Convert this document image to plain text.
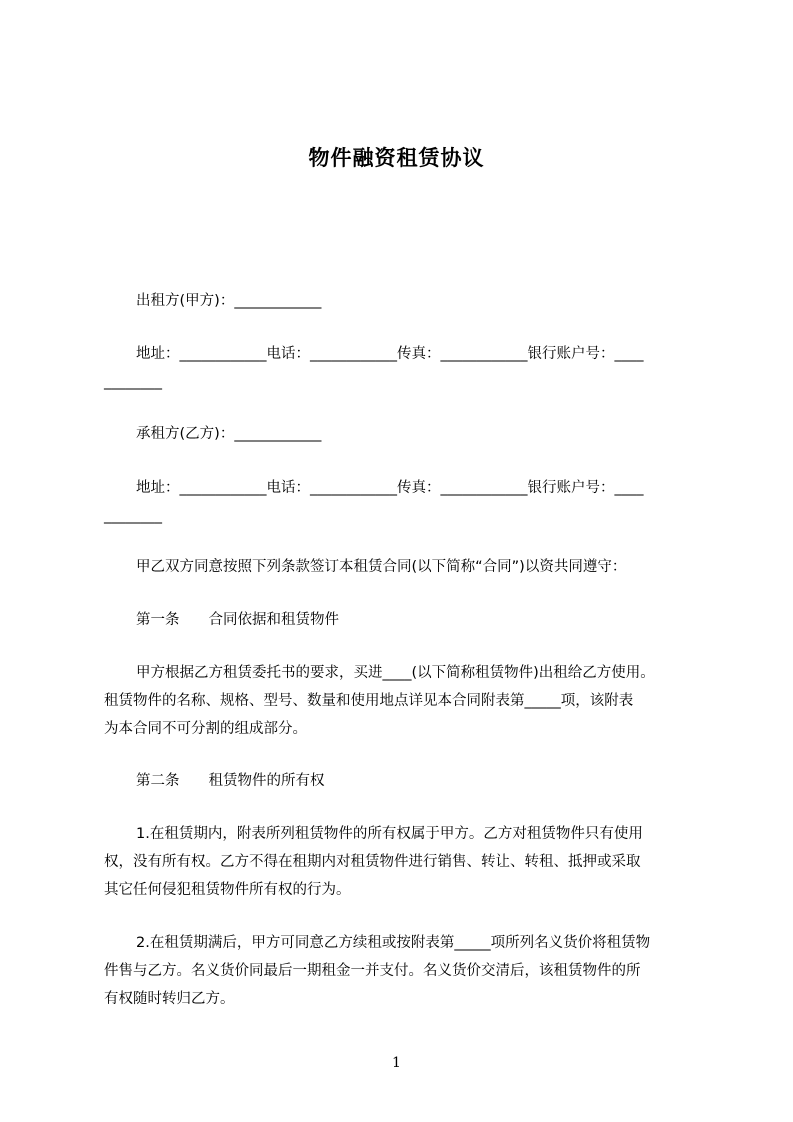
物件融资租赁协议
出租方(甲方)：____________
地址：____________电话：____________传真：____________银行账户号：____
________
承租方(乙方)：____________
地址：____________电话：____________传真：____________银行账户号：____
________
甲乙双方同意按照下列条款签订本租赁合同(以下简称“合同”)以资共同遵守：
第一条　　合同依据和租赁物件
甲方根据乙方租赁委托书的要求，买进____(以下简称租赁物件)出租给乙方使用。
租赁物件的名称、规格、型号、数量和使用地点详见本合同附表第_____项，该附表
为本合同不可分割的组成部分。
第二条　　租赁物件的所有权
1.在租赁期内，附表所列租赁物件的所有权属于甲方。乙方对租赁物件只有使用
权，没有所有权。乙方不得在租期内对租赁物件进行销售、转让、转租、抵押或采取
其它任何侵犯租赁物件所有权的行为。
2.在租赁期满后，甲方可同意乙方续租或按附表第_____项所列名义货价将租赁物
件售与乙方。名义货价同最后一期租金一并支付。名义货价交清后，该租赁物件的所
有权随时转归乙方。
1
